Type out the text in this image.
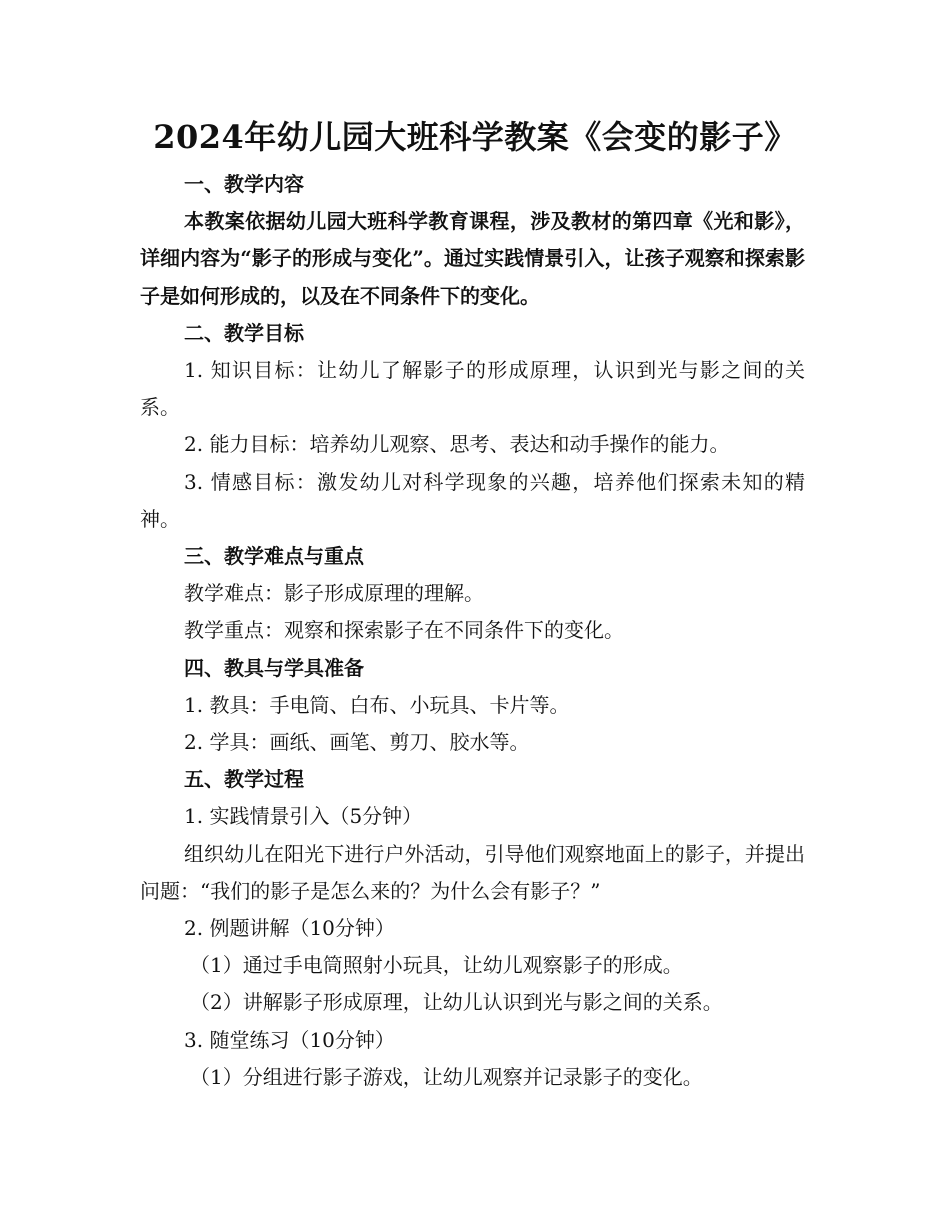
2024年幼儿园大班科学教案《会变的影子》

一、教学内容

本教案依据幼儿园大班科学教育课程，涉及教材的第四章《光和影》，详细内容为“影子的形成与变化”。通过实践情景引入，让孩子观察和探索影子是如何形成的，以及在不同条件下的变化。

二、教学目标

1. 知识目标：让幼儿了解影子的形成原理，认识到光与影之间的关系。

2. 能力目标：培养幼儿观察、思考、表达和动手操作的能力。

3. 情感目标：激发幼儿对科学现象的兴趣，培养他们探索未知的精神。

三、教学难点与重点

教学难点：影子形成原理的理解。

教学重点：观察和探索影子在不同条件下的变化。

四、教具与学具准备

1. 教具：手电筒、白布、小玩具、卡片等。

2. 学具：画纸、画笔、剪刀、胶水等。

五、教学过程

1. 实践情景引入（5分钟）

组织幼儿在阳光下进行户外活动，引导他们观察地面上的影子，并提出问题：“我们的影子是怎么来的？为什么会有影子？”

2. 例题讲解（10分钟）

（1）通过手电筒照射小玩具，让幼儿观察影子的形成。

（2）讲解影子形成原理，让幼儿认识到光与影之间的关系。

3. 随堂练习（10分钟）

（1）分组进行影子游戏，让幼儿观察并记录影子的变化。
